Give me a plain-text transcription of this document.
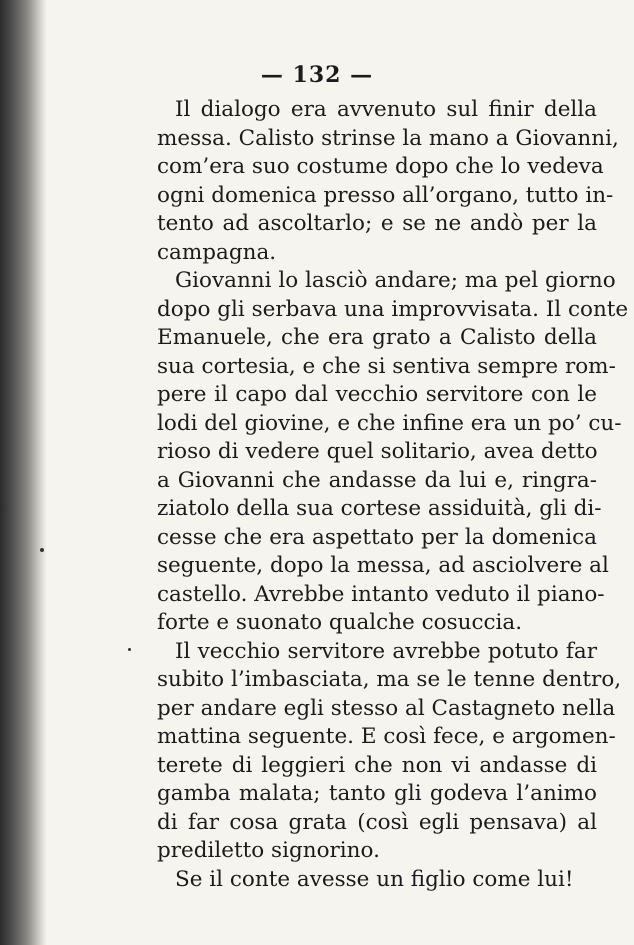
— 132 —
Il dialogo era avvenuto sul finir della
messa. Calisto strinse la mano a Giovanni,
com’era suo costume dopo che lo vedeva
ogni domenica presso all’organo, tutto in-
tento ad ascoltarlo; e se ne andò per la
campagna.
Giovanni lo lasciò andare; ma pel giorno
dopo gli serbava una improvvisata. Il conte
Emanuele, che era grato a Calisto della
sua cortesia, e che si sentiva sempre rom-
pere il capo dal vecchio servitore con le
lodi del giovine, e che infine era un po’ cu-
rioso di vedere quel solitario, avea detto
a Giovanni che andasse da lui e, ringra-
ziatolo della sua cortese assiduità, gli di-
cesse che era aspettato per la domenica
seguente, dopo la messa, ad asciolvere al
castello. Avrebbe intanto veduto il piano-
forte e suonato qualche cosuccia.
Il vecchio servitore avrebbe potuto far
subito l’imbasciata, ma se le tenne dentro,
per andare egli stesso al Castagneto nella
mattina seguente. E così fece, e argomen-
terete di leggieri che non vi andasse di
gamba malata; tanto gli godeva l’animo
di far cosa grata (così egli pensava) al
prediletto signorino.
Se il conte avesse un figlio come lui!
